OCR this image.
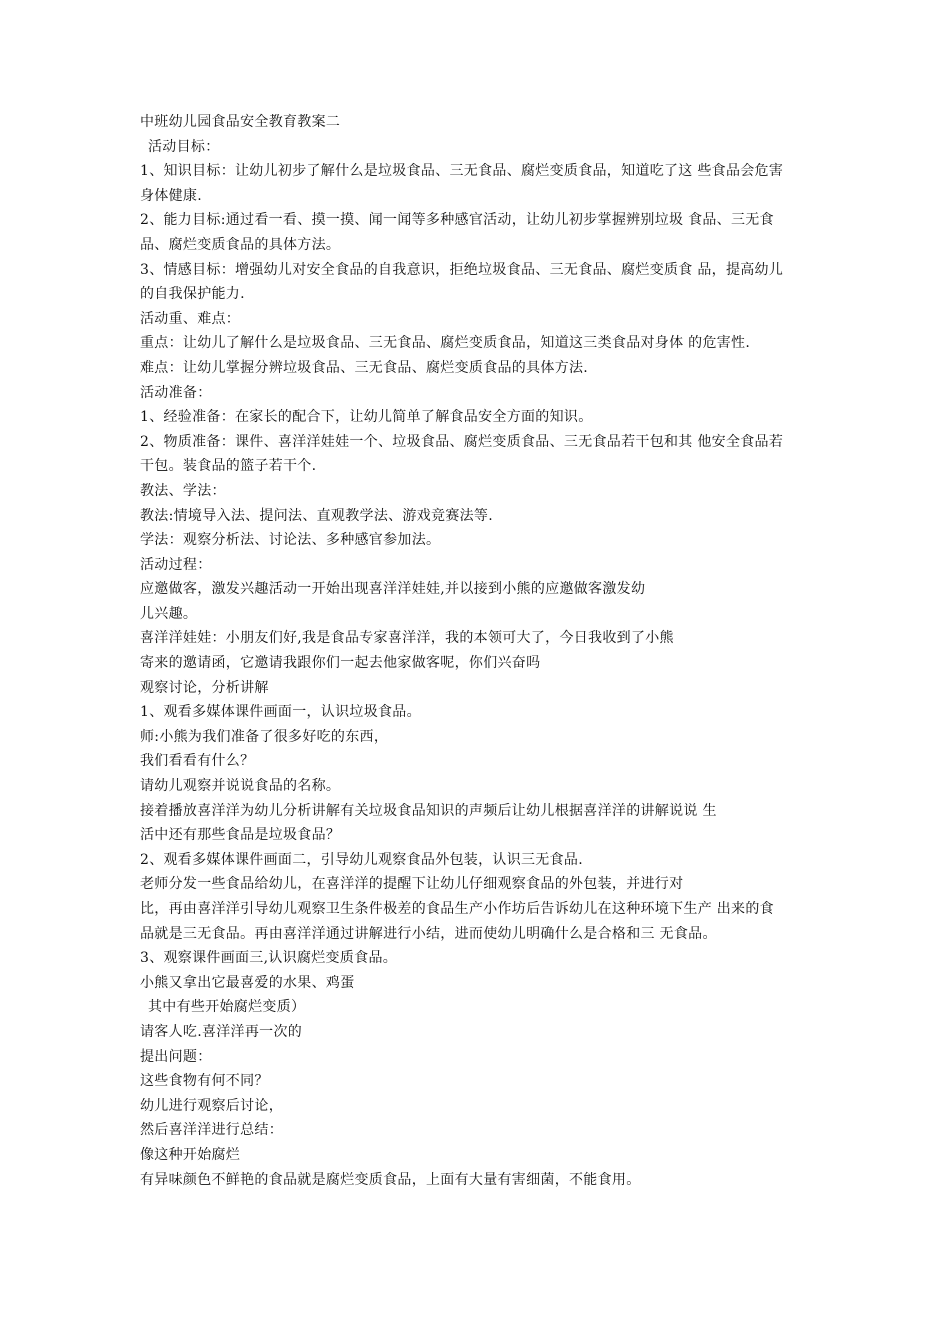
中班幼儿园食品安全教育教案二
活动目标：
1、知识目标：让幼儿初步了解什么是垃圾食品、三无食品、腐烂变质食品，知道吃了这 些食品会危害
身体健康.
2、能力目标:通过看一看、摸一摸、闻一闻等多种感官活动，让幼儿初步掌握辨别垃圾 食品、三无食
品、腐烂变质食品的具体方法。
3、情感目标：增强幼儿对安全食品的自我意识，拒绝垃圾食品、三无食品、腐烂变质食 品，提高幼儿
的自我保护能力.
活动重、难点：
重点：让幼儿了解什么是垃圾食品、三无食品、腐烂变质食品，知道这三类食品对身体 的危害性.
难点：让幼儿掌握分辨垃圾食品、三无食品、腐烂变质食品的具体方法.
活动准备：
1、经验准备：在家长的配合下，让幼儿简单了解食品安全方面的知识。
2、物质准备：课件、喜洋洋娃娃一个、垃圾食品、腐烂变质食品、三无食品若干包和其 他安全食品若
干包。装食品的篮子若干个.
教法、学法：
教法:情境导入法、提问法、直观教学法、游戏竞赛法等.
学法：观察分析法、讨论法、多种感官参加法。
活动过程：
应邀做客，激发兴趣活动一开始出现喜洋洋娃娃,并以接到小熊的应邀做客激发幼
儿兴趣。
喜洋洋娃娃：小朋友们好,我是食品专家喜洋洋，我的本领可大了，今日我收到了小熊
寄来的邀请函，它邀请我跟你们一起去他家做客呢，你们兴奋吗
观察讨论，分析讲解
1、观看多媒体课件画面一，认识垃圾食品。
师:小熊为我们准备了很多好吃的东西，
我们看看有什么？
请幼儿观察并说说食品的名称。
接着播放喜洋洋为幼儿分析讲解有关垃圾食品知识的声频后让幼儿根据喜洋洋的讲解说说 生
活中还有那些食品是垃圾食品？
2、观看多媒体课件画面二，引导幼儿观察食品外包装，认识三无食品.
老师分发一些食品给幼儿，在喜洋洋的提醒下让幼儿仔细观察食品的外包装，并进行对
比，再由喜洋洋引导幼儿观察卫生条件极差的食品生产小作坊后告诉幼儿在这种环境下生产 出来的食
品就是三无食品。再由喜洋洋通过讲解进行小结，进而使幼儿明确什么是合格和三 无食品。
3、观察课件画面三,认识腐烂变质食品。
小熊又拿出它最喜爱的水果、鸡蛋
其中有些开始腐烂变质）
请客人吃.喜洋洋再一次的
提出问题：
这些食物有何不同？
幼儿进行观察后讨论，
然后喜洋洋进行总结：
像这种开始腐烂
有异味颜色不鲜艳的食品就是腐烂变质食品，上面有大量有害细菌，不能食用。
